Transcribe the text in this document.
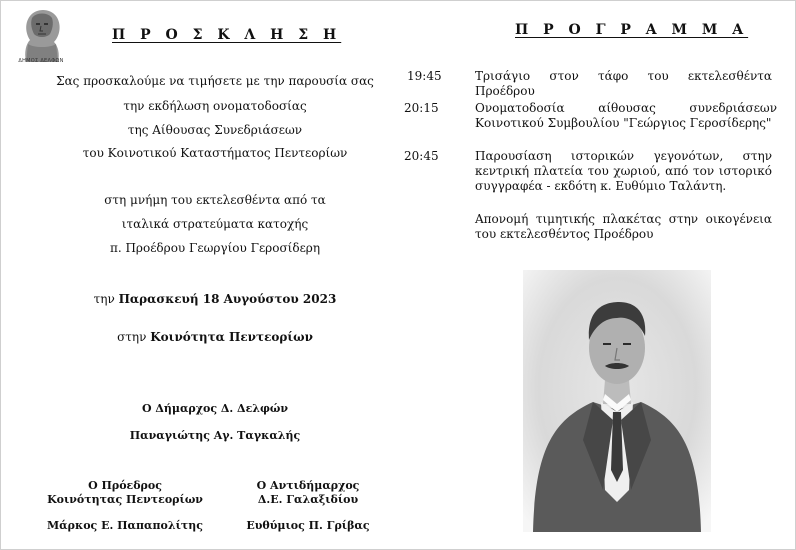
ΔΗΜΟΣ ΔΕΛΦΩΝ
Π Ρ Ο Σ Κ Λ Η Σ Η
Σας προσκαλούμε να τιμήσετε με την παρουσία σας
την εκδήλωση ονοματοδοσίας
της Αίθουσας Συνεδριάσεων
του Κοινοτικού Καταστήματος Πεντεορίων
στη μνήμη του εκτελεσθέντα από τα
ιταλικά στρατεύματα κατοχής
π. Προέδρου Γεωργίου Γεροσίδερη
την Παρασκευή 18 Αυγούστου 2023
στην Κοινότητα Πεντεορίων
Ο Δήμαρχος Δ. Δελφών
Παναγιώτης Αγ. Ταγκαλής
Ο Πρόεδρος
Κοινότητας Πεντεορίων
Μάρκος Ε. Παπαπολίτης
Ο Αντιδήμαρχος
Δ.Ε. Γαλαξιδίου
Ευθύμιος Π. Γρίβας
Π Ρ Ο Γ Ρ Α Μ Μ Α
19:45	Τρισάγιο στον τάφο του εκτελεσθέντα Προέδρου
20:15	Ονοματοδοσία αίθουσας συνεδριάσεων Κοινοτικού Συμβουλίου "Γεώργιος Γεροσίδερης"
20:45	Παρουσίαση ιστορικών γεγονότων, στην κεντρική πλατεία του χωριού, από τον ιστορικό συγγραφέα - εκδότη κ. Ευθύμιο Ταλάντη.
Απονομή τιμητικής πλακέτας στην οικογένεια του εκτελεσθέντος Προέδρου
